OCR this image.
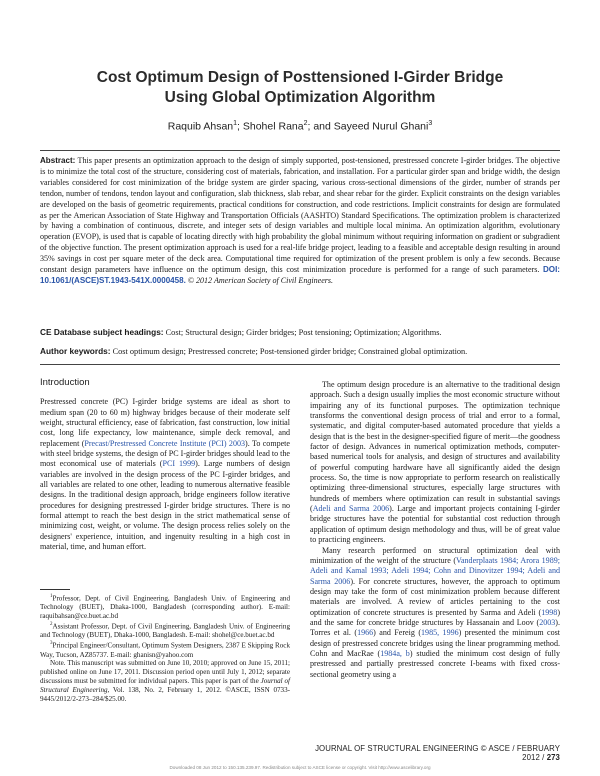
Cost Optimum Design of Posttensioned I-Girder Bridge
Using Global Optimization Algorithm
Raquib Ahsan$^1$; Shohel Rana$^2$; and Sayeed Nurul Ghani$^3$
Abstract: This paper presents an optimization approach to the design of simply supported, post-tensioned, prestressed concrete I-girder bridges. The objective is to minimize the total cost of the structure, considering cost of materials, fabrication, and installation. For a particular girder span and bridge width, the design variables considered for cost minimization of the bridge system are girder spacing, various cross-sectional dimensions of the girder, number of strands per tendon, number of tendons, tendon layout and configuration, slab thickness, slab rebar, and shear rebar for the girder. Explicit constraints on the design variables are developed on the basis of geometric requirements, practical conditions for construction, and code restrictions. Implicit constraints for design are formulated as per the American Association of State Highway and Transportation Officials (AASHTO) Standard Specifications. The optimization problem is characterized by having a combination of continuous, discrete, and integer sets of design variables and multiple local minima. An optimization algorithm, evolutionary operation (EVOP), is used that is capable of locating directly with high probability the global minimum without requiring information on gradient or subgradient of the objective function. The present optimization approach is used for a real-life bridge project, leading to a feasible and acceptable design resulting in around 35% savings in cost per square meter of the deck area. Computational time required for optimization of the present problem is only a few seconds. Because constant design parameters have influence on the optimum design, this cost minimization procedure is performed for a range of such parameters. DOI: 10.1061/(ASCE)ST.1943-541X.0000458. © 2012 American Society of Civil Engineers.
CE Database subject headings: Cost; Structural design; Girder bridges; Post tensioning; Optimization; Algorithms.
Author keywords: Cost optimum design; Prestressed concrete; Post-tensioned girder bridge; Constrained global optimization.
Introduction

Prestressed concrete (PC) I-girder bridge systems are ideal as short to medium span (20 to 60 m) highway bridges because of their moderate self weight, structural efficiency, ease of fabrication, fast construction, low initial cost, long life expectancy, low maintenance, simple deck removal, and replacement (Precast/Prestressed Concrete Institute (PCI) 2003). To compete with steel bridge systems, the design of PC I-girder bridges should lead to the most economical use of materials (PCI 1999). Large numbers of design variables are involved in the design process of the PC I-girder bridges, and all variables are related to one other, leading to numerous alternative feasible designs. In the traditional design approach, bridge engineers follow iterative procedures for designing prestressed I-girder bridge structures. There is no formal attempt to reach the best design in the strict mathematical sense of minimizing cost, weight, or volume. The design process relies solely on the designers' experience, intuition, and ingenuity resulting in a high cost in material, time, and human effort.

$^1$Professor, Dept. of Civil Engineering, Bangladesh Univ. of Engineering and Technology (BUET), Dhaka-1000, Bangladesh (corresponding author). E-mail: raquibahsan@ce.buet.ac.bd

$^2$Assistant Professor, Dept. of Civil Engineering, Bangladesh Univ. of Engineering and Technology (BUET), Dhaka-1000, Bangladesh. E-mail: shohel@ce.buet.ac.bd

$^3$Principal Engineer/Consultant, Optimum System Designers, 2387 E Skipping Rock Way, Tucson, AZ85737. E-mail: ghanisn@yahoo.com

Note. This manuscript was submitted on June 10, 2010; approved on June 15, 2011; published online on June 17, 2011. Discussion period open until July 1, 2012; separate discussions must be submitted for individual papers. This paper is part of the Journal of Structural Engineering, Vol. 138, No. 2, February 1, 2012. ©ASCE, ISSN 0733-9445/2012/2-273–284/$25.00.

The optimum design procedure is an alternative to the traditional design approach. Such a design usually implies the most economic structure without impairing any of its functional purposes. The optimization technique transforms the conventional design process of trial and error to a formal, systematic, and digital computer-based automated procedure that yields a design that is the best in the designer-specified figure of merit—the goodness factor of design. Advances in numerical optimization methods, computer-based numerical tools for analysis, and design of structures and availability of powerful computing hardware have all significantly aided the design process. So, the time is now appropriate to perform research on realistically optimizing three-dimensional structures, especially large structures with hundreds of members where optimization can result in substantial savings (Adeli and Sarma 2006). Large and important projects containing I-girder bridge structures have the potential for substantial cost reduction through application of optimum design methodology and thus, will be of great value to practicing engineers.

Many research performed on structural optimization deal with minimization of the weight of the structure (Vanderplaats 1984; Arora 1989; Adeli and Kamal 1993; Adeli 1994; Cohn and Dinovitzer 1994; Adeli and Sarma 2006). For concrete structures, however, the approach to optimum design may take the form of cost minimization problem because different materials are involved. A review of articles pertaining to the cost optimization of concrete structures is presented by Sarma and Adeli (1998) and the same for concrete bridge structures by Hassanain and Loov (2003). Torres et al. (1966) and Fereig (1985, 1996) presented the minimum cost design of prestressed concrete bridges using the linear programming method. Cohn and MacRae (1984a, b) studied the minimum cost design of fully prestressed and partially prestressed concrete I-beams with fixed cross-sectional geometry using a

JOURNAL OF STRUCTURAL ENGINEERING © ASCE / FEBRUARY 2012 / 273
Downloaded 08 Jun 2012 to 150.135.239.97. Redistribution subject to ASCE license or copyright. Visit http://www.ascelibrary.org
